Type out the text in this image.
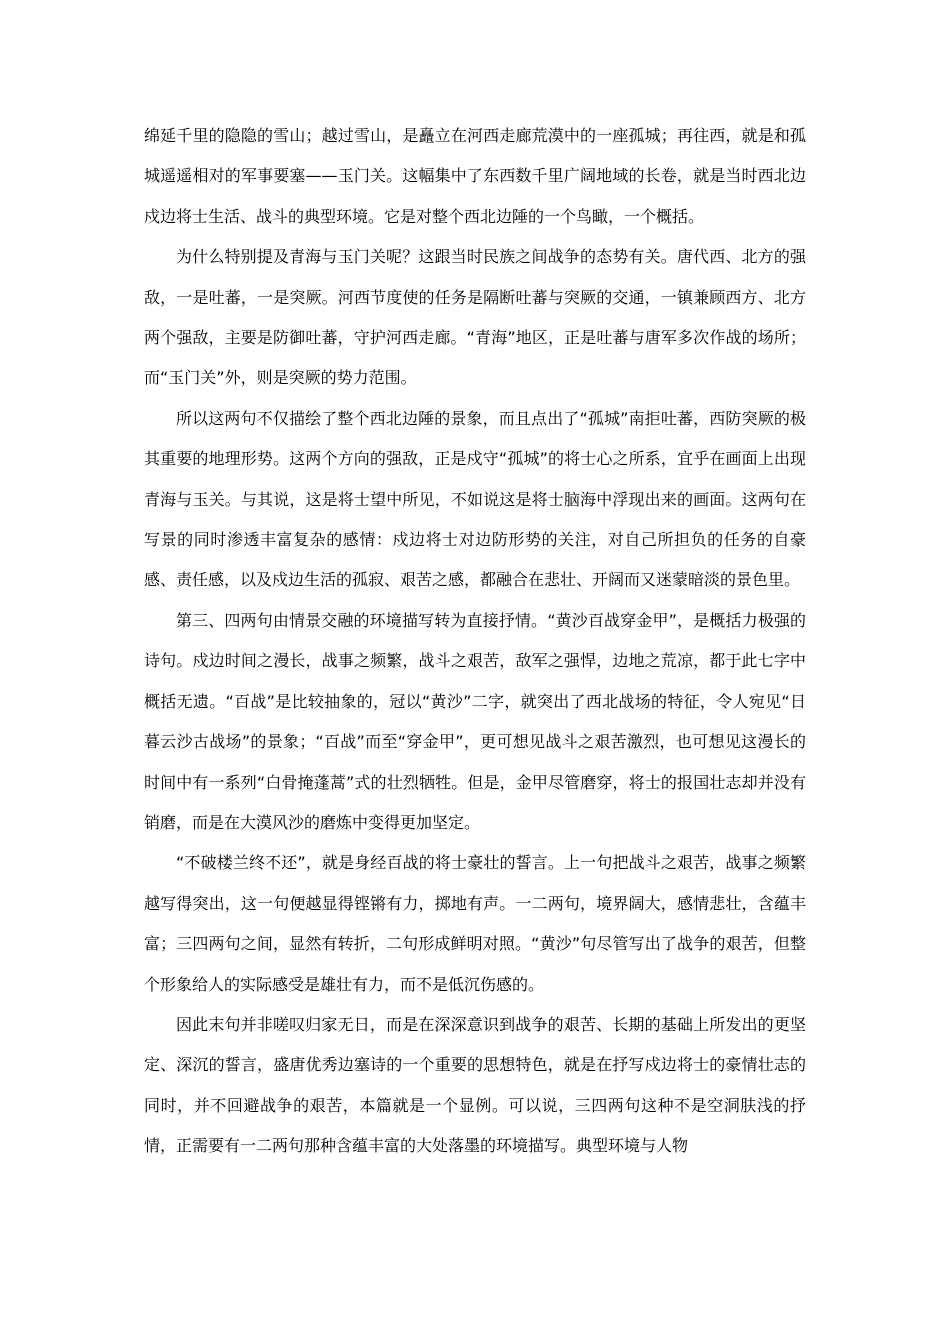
绵延千里的隐隐的雪山；越过雪山，是矗立在河西走廊荒漠中的一座孤城；再往西，就是和孤城遥遥相对的军事要塞——玉门关。这幅集中了东西数千里广阔地域的长卷，就是当时西北边戍边将士生活、战斗的典型环境。它是对整个西北边陲的一个鸟瞰，一个概括。

为什么特别提及青海与玉门关呢？这跟当时民族之间战争的态势有关。唐代西、北方的强敌，一是吐蕃，一是突厥。河西节度使的任务是隔断吐蕃与突厥的交通，一镇兼顾西方、北方两个强敌，主要是防御吐蕃，守护河西走廊。“青海”地区，正是吐蕃与唐军多次作战的场所；而“玉门关”外，则是突厥的势力范围。

所以这两句不仅描绘了整个西北边陲的景象，而且点出了“孤城”南拒吐蕃，西防突厥的极其重要的地理形势。这两个方向的强敌，正是戍守“孤城”的将士心之所系，宜乎在画面上出现青海与玉关。与其说，这是将士望中所见，不如说这是将士脑海中浮现出来的画面。这两句在写景的同时渗透丰富复杂的感情：戍边将士对边防形势的关注，对自己所担负的任务的自豪感、责任感，以及戍边生活的孤寂、艰苦之感，都融合在悲壮、开阔而又迷蒙暗淡的景色里。

第三、四两句由情景交融的环境描写转为直接抒情。“黄沙百战穿金甲”，是概括力极强的诗句。戍边时间之漫长，战事之频繁，战斗之艰苦，敌军之强悍，边地之荒凉，都于此七字中概括无遗。“百战”是比较抽象的，冠以“黄沙”二字，就突出了西北战场的特征，令人宛见“日暮云沙古战场”的景象；“百战”而至“穿金甲”，更可想见战斗之艰苦激烈，也可想见这漫长的时间中有一系列“白骨掩蓬蒿”式的壮烈牺牲。但是，金甲尽管磨穿，将士的报国壮志却并没有销磨，而是在大漠风沙的磨炼中变得更加坚定。

“不破楼兰终不还”，就是身经百战的将士豪壮的誓言。上一句把战斗之艰苦，战事之频繁越写得突出，这一句便越显得铿锵有力，掷地有声。一二两句，境界阔大，感情悲壮，含蕴丰富；三四两句之间，显然有转折，二句形成鲜明对照。“黄沙”句尽管写出了战争的艰苦，但整个形象给人的实际感受是雄壮有力，而不是低沉伤感的。

因此末句并非嗟叹归家无日，而是在深深意识到战争的艰苦、长期的基础上所发出的更坚定、深沉的誓言，盛唐优秀边塞诗的一个重要的思想特色，就是在抒写戍边将士的豪情壮志的同时，并不回避战争的艰苦，本篇就是一个显例。可以说，三四两句这种不是空洞肤浅的抒情，正需要有一二两句那种含蕴丰富的大处落墨的环境描写。典型环境与人物
